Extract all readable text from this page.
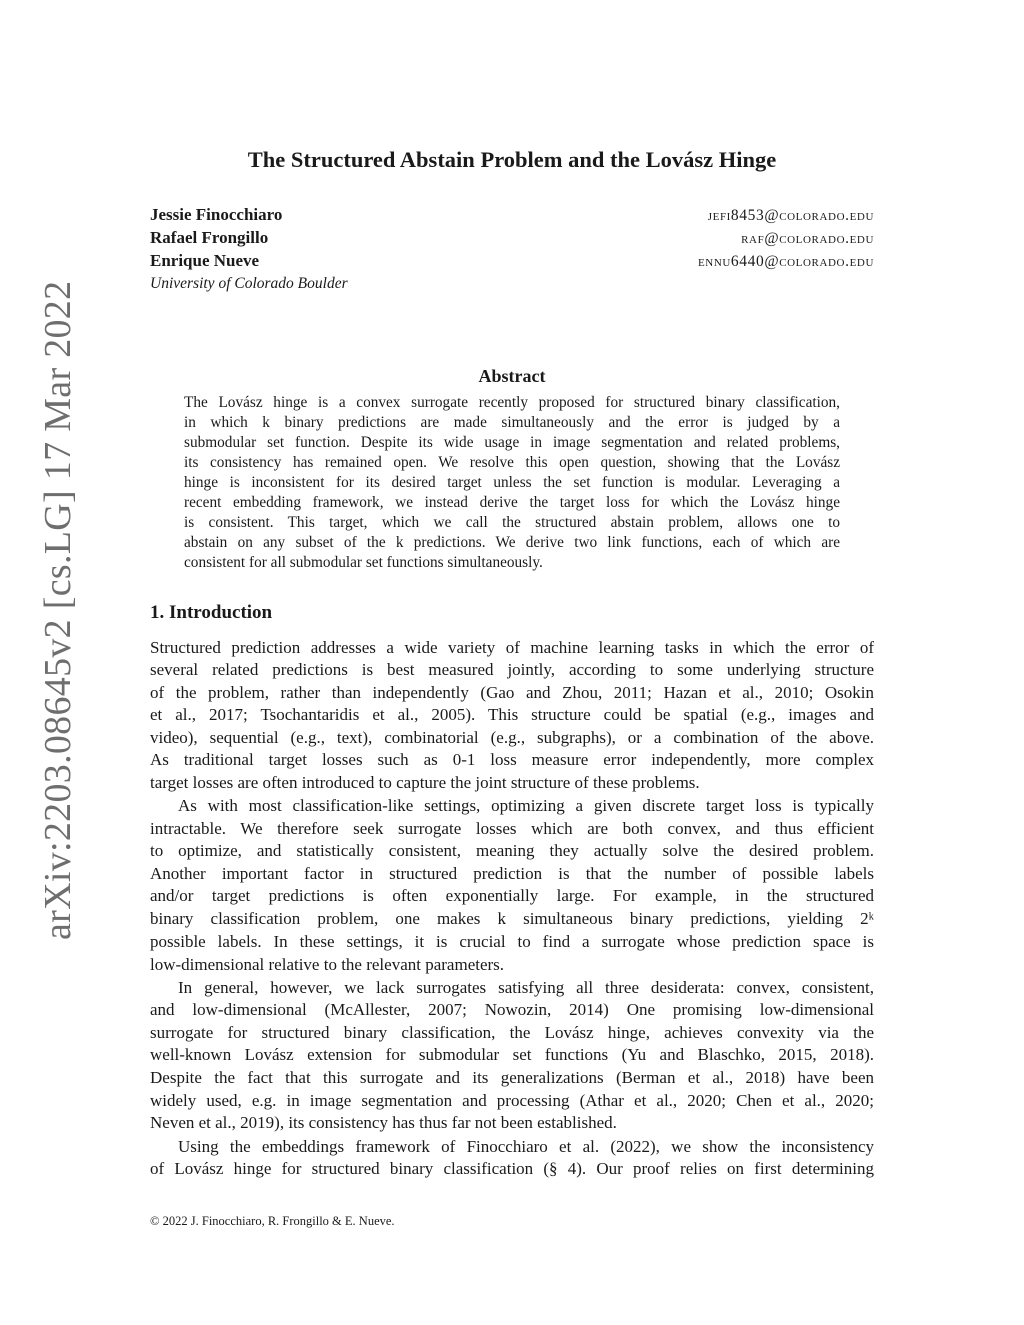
arXiv:2203.08645v2 [cs.LG] 17 Mar 2022
The Structured Abstain Problem and the Lovász Hinge
Jessie Finocchiaro	jefi8453@colorado.edu
Rafael Frongillo	raf@colorado.edu
Enrique Nueve	ennu6440@colorado.edu
University of Colorado Boulder
Abstract
The Lovász hinge is a convex surrogate recently proposed for structured binary classification,
in which k binary predictions are made simultaneously and the error is judged by a
submodular set function. Despite its wide usage in image segmentation and related problems,
its consistency has remained open. We resolve this open question, showing that the Lovász
hinge is inconsistent for its desired target unless the set function is modular. Leveraging a
recent embedding framework, we instead derive the target loss for which the Lovász hinge
is consistent. This target, which we call the structured abstain problem, allows one to
abstain on any subset of the k predictions. We derive two link functions, each of which are
consistent for all submodular set functions simultaneously.
1. Introduction
Structured prediction addresses a wide variety of machine learning tasks in which the error of
several related predictions is best measured jointly, according to some underlying structure
of the problem, rather than independently (Gao and Zhou, 2011; Hazan et al., 2010; Osokin
et al., 2017; Tsochantaridis et al., 2005). This structure could be spatial (e.g., images and
video), sequential (e.g., text), combinatorial (e.g., subgraphs), or a combination of the above.
As traditional target losses such as 0-1 loss measure error independently, more complex
target losses are often introduced to capture the joint structure of these problems.
As with most classification-like settings, optimizing a given discrete target loss is typically
intractable. We therefore seek surrogate losses which are both convex, and thus efficient
to optimize, and statistically consistent, meaning they actually solve the desired problem.
Another important factor in structured prediction is that the number of possible labels
and/or target predictions is often exponentially large. For example, in the structured
binary classification problem, one makes k simultaneous binary predictions, yielding 2ᵏ
possible labels. In these settings, it is crucial to find a surrogate whose prediction space is
low-dimensional relative to the relevant parameters.
In general, however, we lack surrogates satisfying all three desiderata: convex, consistent,
and low-dimensional (McAllester, 2007; Nowozin, 2014) One promising low-dimensional
surrogate for structured binary classification, the Lovász hinge, achieves convexity via the
well-known Lovász extension for submodular set functions (Yu and Blaschko, 2015, 2018).
Despite the fact that this surrogate and its generalizations (Berman et al., 2018) have been
widely used, e.g. in image segmentation and processing (Athar et al., 2020; Chen et al., 2020;
Neven et al., 2019), its consistency has thus far not been established.
Using the embeddings framework of Finocchiaro et al. (2022), we show the inconsistency
of Lovász hinge for structured binary classification (§ 4). Our proof relies on first determining
© 2022 J. Finocchiaro, R. Frongillo & E. Nueve.
